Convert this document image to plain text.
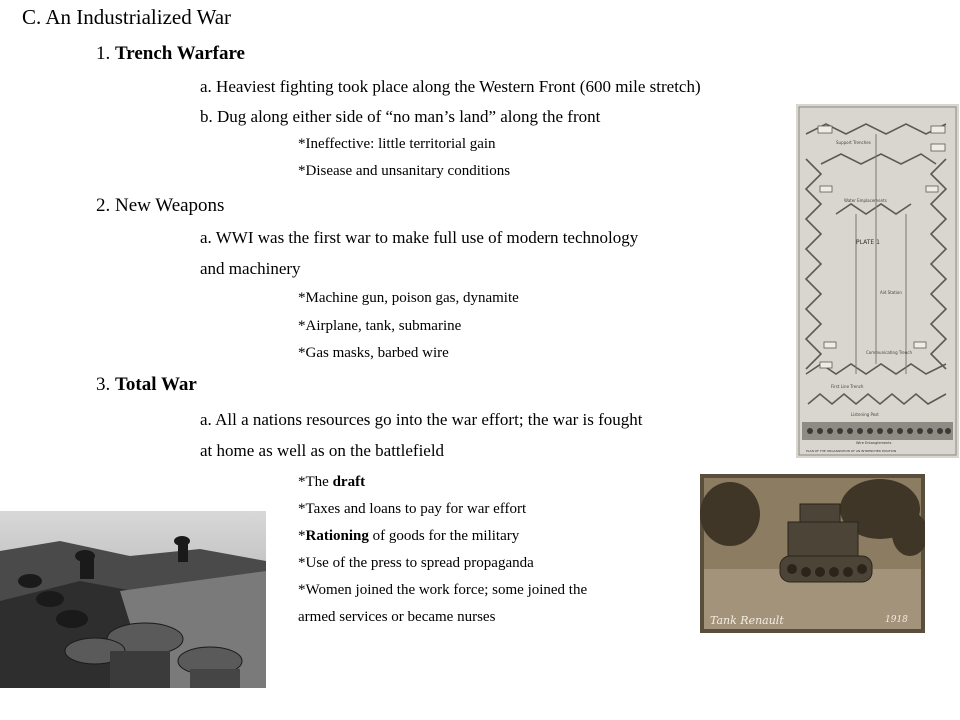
C. An Industrialized War
1. Trench Warfare
a. Heaviest fighting took place along the Western Front (600 mile stretch)
b. Dug along either side of “no man’s land” along the front
*Ineffective: little territorial gain
*Disease and unsanitary conditions
2. New Weapons
a. WWI was the first war to make full use of modern technology
and machinery
*Machine gun, poison gas, dynamite
*Airplane, tank, submarine
*Gas masks, barbed wire
3. Total War
a. All a nations resources go into the war effort; the war is fought
at home as well as on the battlefield
*The draft
*Taxes and loans to pay for war effort
*Rationing of goods for the military
*Use of the press to spread propaganda
*Women joined the work force; some joined the
armed services or became nurses
PLATE 1
Support Trenches
Water Emplacements
Aid Station
Communicating Trench
First Line Trench
Listening Post
Wire Entanglements
PLAN OF THE ORGANIZATION OF AN INTRENCHED POSITION
Tank Renault	1918
